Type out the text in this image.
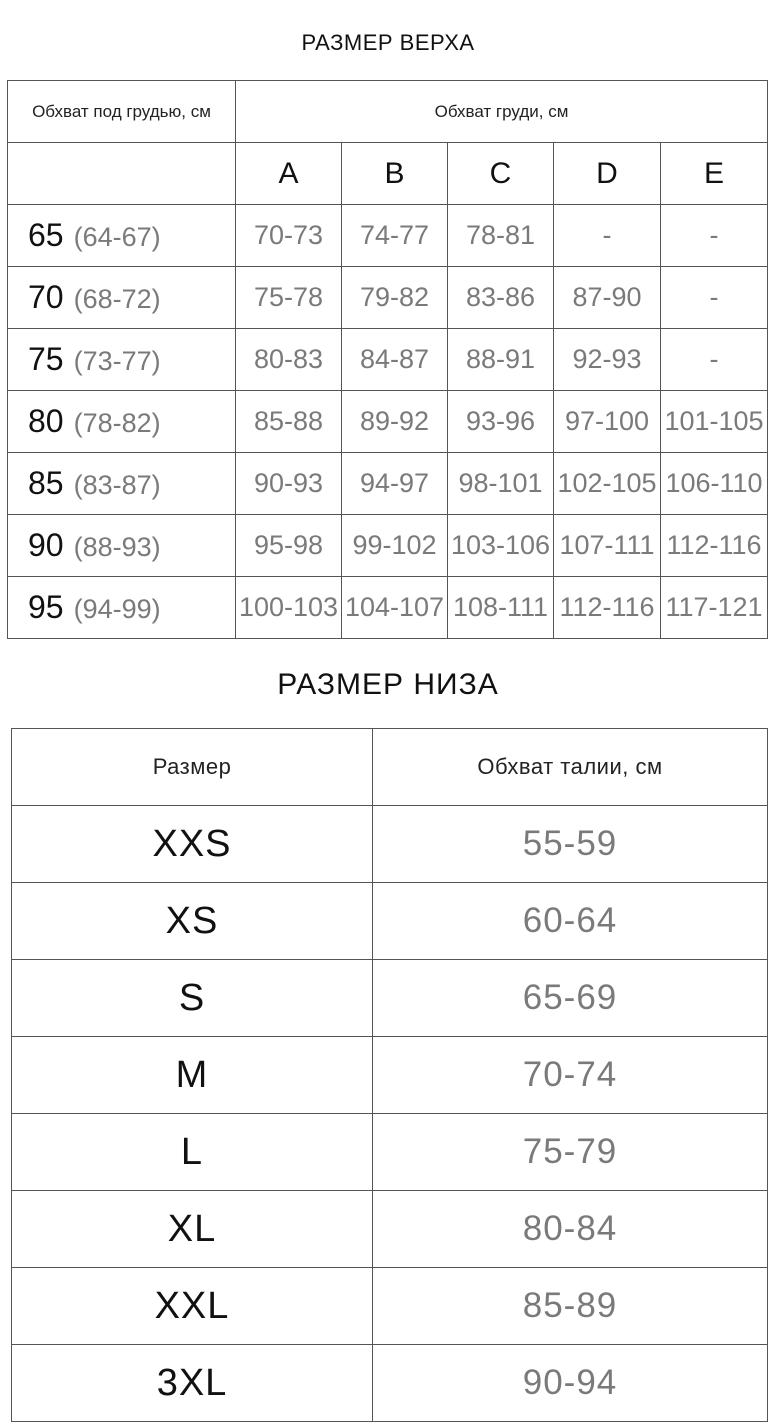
РАЗМЕР ВЕРХА
Обхват под грудью, см	Обхват груди, см				
	A	B	C	D	E
65 (64-67)	70-73	74-77	78-81	-	-
70 (68-72)	75-78	79-82	83-86	87-90	-
75 (73-77)	80-83	84-87	88-91	92-93	-
80 (78-82)	85-88	89-92	93-96	97-100	101-105
85 (83-87)	90-93	94-97	98-101	102-105	106-110
90 (88-93)	95-98	99-102	103-106	107-111	112-116
95 (94-99)	100-103	104-107	108-111	112-116	117-121
РАЗМЕР НИЗА
Размер	Обхват талии, см
XXS	55-59
XS	60-64
S	65-69
M	70-74
L	75-79
XL	80-84
XXL	85-89
3XL	90-94
